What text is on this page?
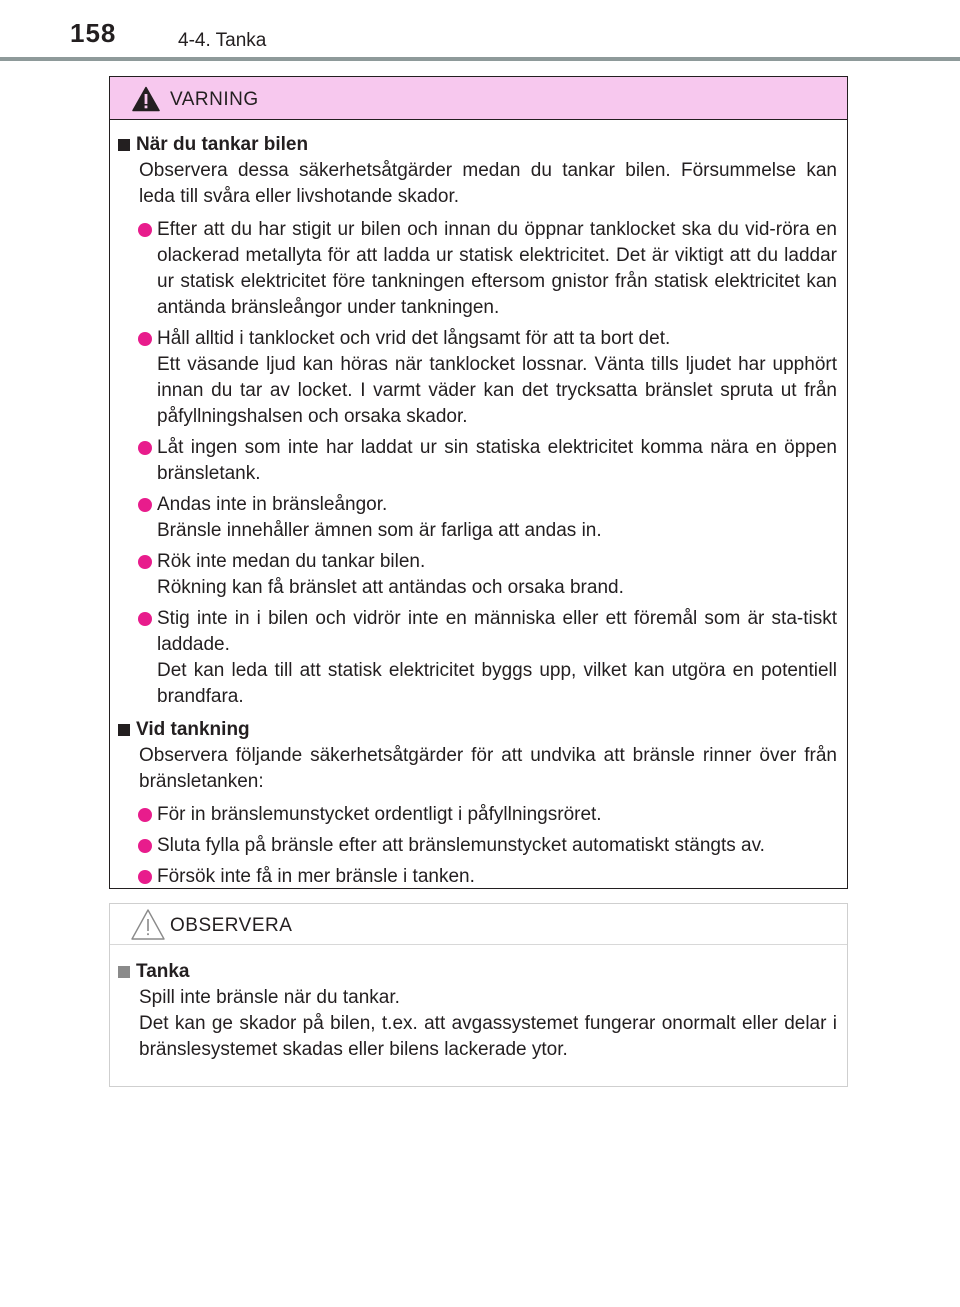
158	4-4. Tanka
VARNING
När du tankar bilen

Observera dessa säkerhetsåtgärder medan du tankar bilen. Försummelse kan leda till svåra eller livshotande skador.

Efter att du har stigit ur bilen och innan du öppnar tanklocket ska du vid-röra en olackerad metallyta för att ladda ur statisk elektricitet. Det är viktigt att du laddar ur statisk elektricitet före tankningen eftersom gnistor från statisk elektricitet kan antända bränsleångor under tankningen.

Håll alltid i tanklocket och vrid det långsamt för att ta bort det.

Ett väsande ljud kan höras när tanklocket lossnar. Vänta tills ljudet har upphört innan du tar av locket. I varmt väder kan det trycksatta bränslet spruta ut från påfyllningshalsen och orsaka skador.

Låt ingen som inte har laddat ur sin statiska elektricitet komma nära en öppen bränsletank.

Andas inte in bränsleångor.

Bränsle innehåller ämnen som är farliga att andas in.

Rök inte medan du tankar bilen.

Rökning kan få bränslet att antändas och orsaka brand.

Stig inte in i bilen och vidrör inte en människa eller ett föremål som är sta-tiskt laddade.

Det kan leda till att statisk elektricitet byggs upp, vilket kan utgöra en potentiell brandfara.

Vid tankning

Observera följande säkerhetsåtgärder för att undvika att bränsle rinner över från bränsletanken:

För in bränslemunstycket ordentligt i påfyllningsröret.

Sluta fylla på bränsle efter att bränslemunstycket automatiskt stängts av.

Försök inte få in mer bränsle i tanken.

OBSERVERA
Tanka

Spill inte bränsle när du tankar.

Det kan ge skador på bilen, t.ex. att avgassystemet fungerar onormalt eller delar i bränslesystemet skadas eller bilens lackerade ytor.
